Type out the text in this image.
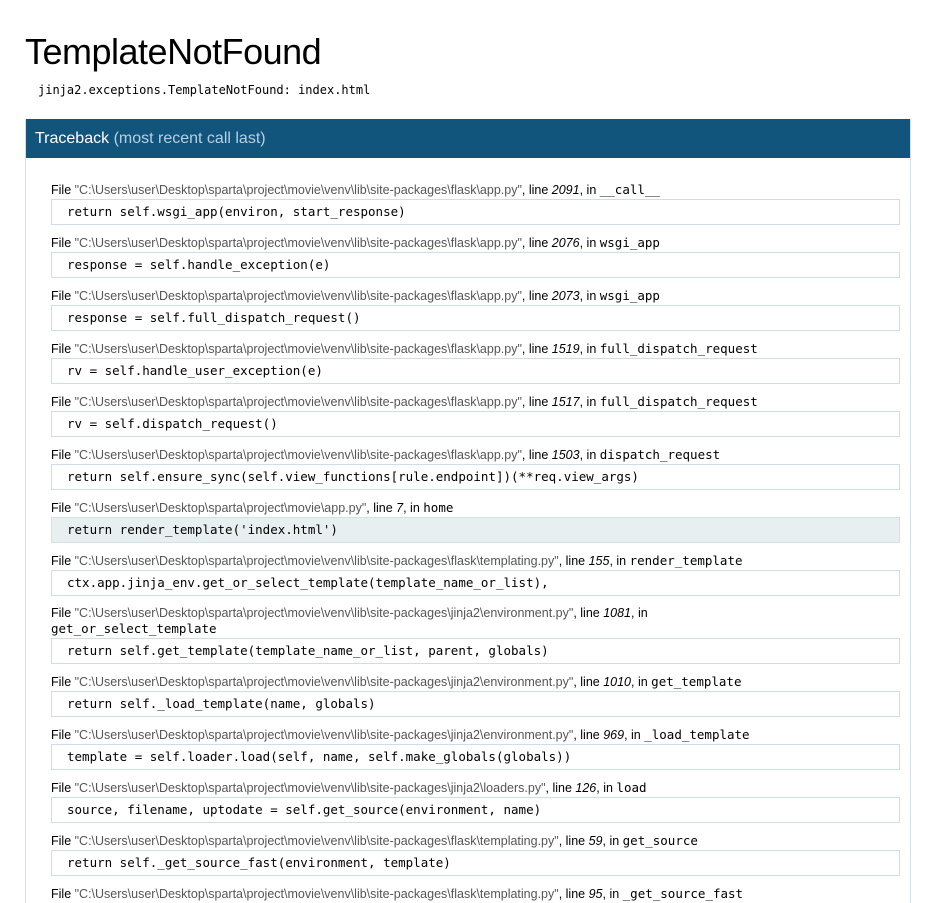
TemplateNotFound
jinja2.exceptions.TemplateNotFound: index.html
Traceback (most recent call last)
File "C:\Users\user\Desktop\sparta\project\movie\venv\lib\site-packages\flask\app.py", line 2091, in __call__
return self.wsgi_app(environ, start_response)
File "C:\Users\user\Desktop\sparta\project\movie\venv\lib\site-packages\flask\app.py", line 2076, in wsgi_app
response = self.handle_exception(e)
File "C:\Users\user\Desktop\sparta\project\movie\venv\lib\site-packages\flask\app.py", line 2073, in wsgi_app
response = self.full_dispatch_request()
File "C:\Users\user\Desktop\sparta\project\movie\venv\lib\site-packages\flask\app.py", line 1519, in full_dispatch_request
rv = self.handle_user_exception(e)
File "C:\Users\user\Desktop\sparta\project\movie\venv\lib\site-packages\flask\app.py", line 1517, in full_dispatch_request
rv = self.dispatch_request()
File "C:\Users\user\Desktop\sparta\project\movie\venv\lib\site-packages\flask\app.py", line 1503, in dispatch_request
return self.ensure_sync(self.view_functions[rule.endpoint])(**req.view_args)
File "C:\Users\user\Desktop\sparta\project\movie\app.py", line 7, in home
return render_template('index.html')
File "C:\Users\user\Desktop\sparta\project\movie\venv\lib\site-packages\flask\templating.py", line 155, in render_template
ctx.app.jinja_env.get_or_select_template(template_name_or_list),
File "C:\Users\user\Desktop\sparta\project\movie\venv\lib\site-packages\jinja2\environment.py", line 1081, in get_or_select_template
return self.get_template(template_name_or_list, parent, globals)
File "C:\Users\user\Desktop\sparta\project\movie\venv\lib\site-packages\jinja2\environment.py", line 1010, in get_template
return self._load_template(name, globals)
File "C:\Users\user\Desktop\sparta\project\movie\venv\lib\site-packages\jinja2\environment.py", line 969, in _load_template
template = self.loader.load(self, name, self.make_globals(globals))
File "C:\Users\user\Desktop\sparta\project\movie\venv\lib\site-packages\jinja2\loaders.py", line 126, in load
source, filename, uptodate = self.get_source(environment, name)
File "C:\Users\user\Desktop\sparta\project\movie\venv\lib\site-packages\flask\templating.py", line 59, in get_source
return self._get_source_fast(environment, template)
File "C:\Users\user\Desktop\sparta\project\movie\venv\lib\site-packages\flask\templating.py", line 95, in _get_source_fast
